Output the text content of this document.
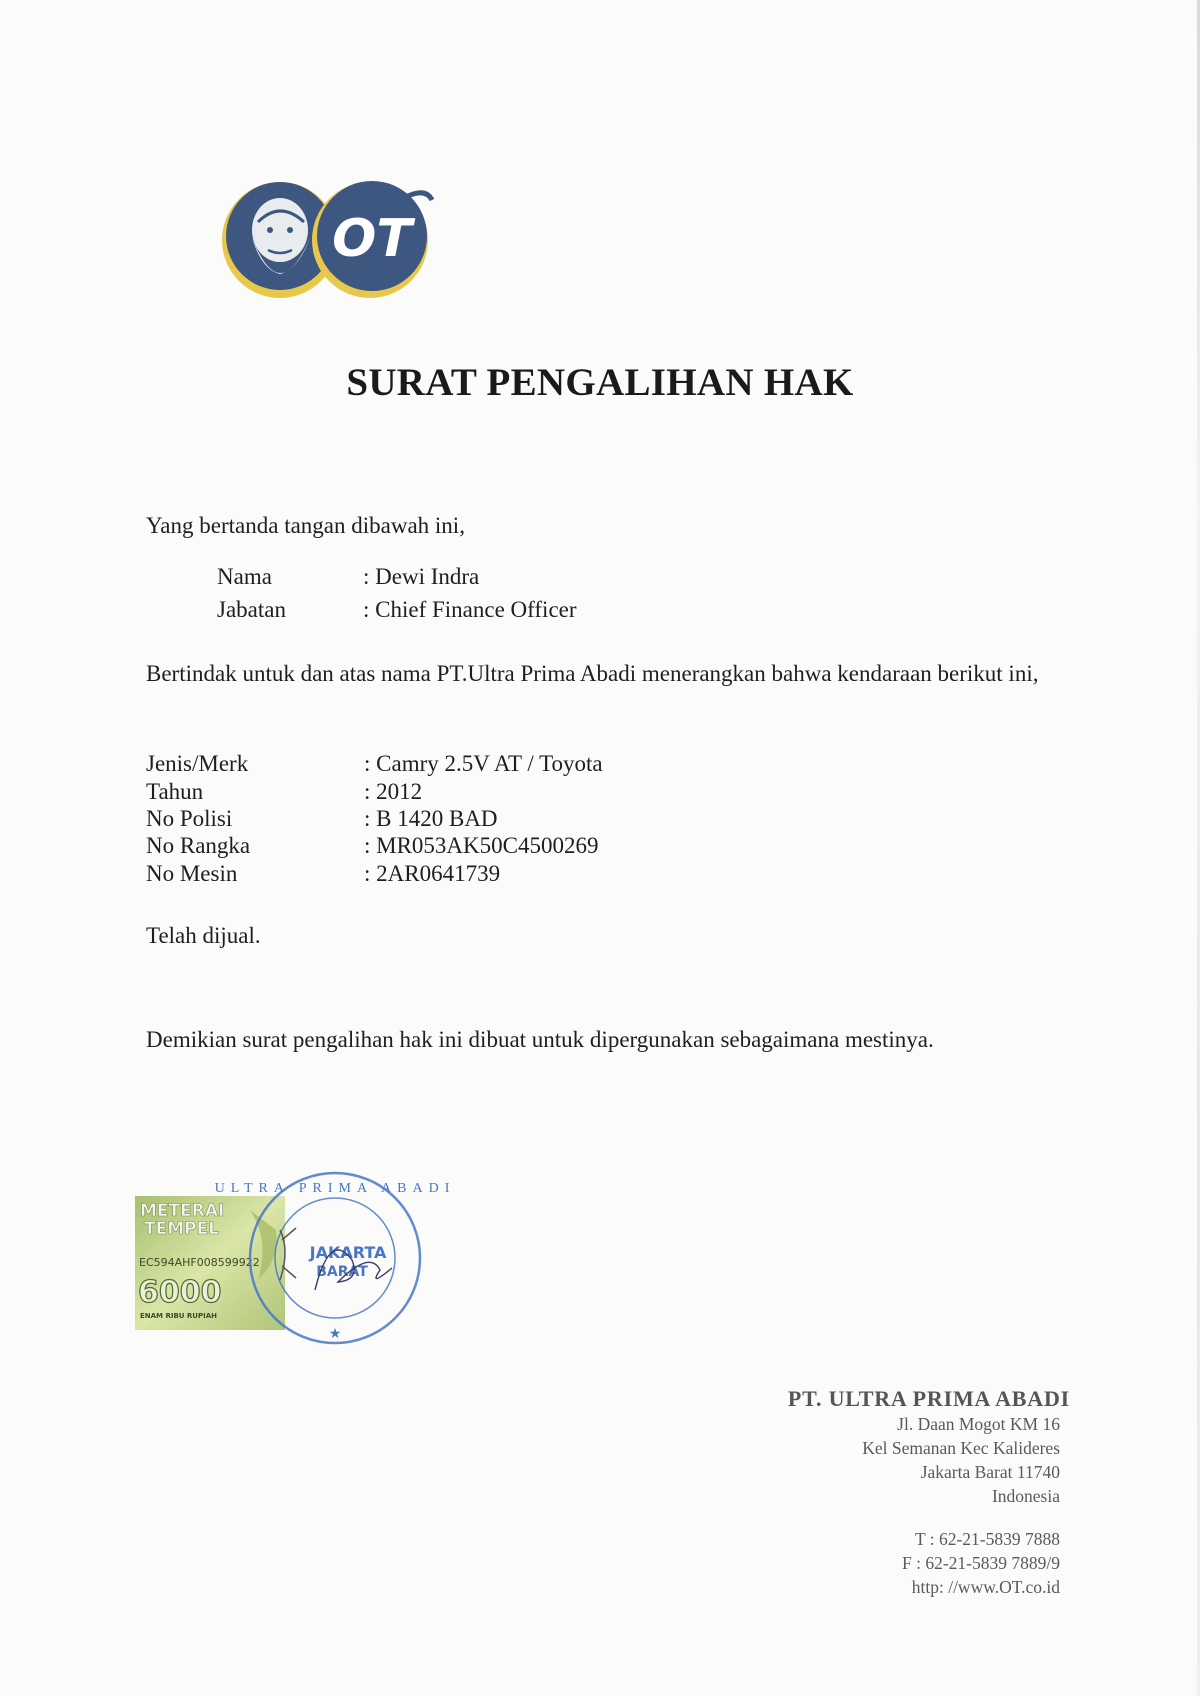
OT
SURAT PENGALIHAN HAK
Yang bertanda tangan dibawah ini,
Nama	: Dewi Indra
Jabatan	: Chief Finance Officer
Bertindak untuk dan atas nama PT.Ultra Prima Abadi menerangkan bahwa kendaraan berikut ini,
Jenis/Merk	: Camry 2.5V AT / Toyota
Tahun	: 2012
No Polisi	: B 1420 BAD
No Rangka	: MR053AK50C4500269
No Mesin	: 2AR0641739
Telah dijual.
Demikian surat pengalihan hak ini dibuat untuk dipergunakan sebagaimana mestinya.
METERAI
TEMPEL
EC594AHF008599922
6000
ENAM RIBU RUPIAH
ULTRA PRIMA ABADI
JAKARTA
BARAT
★
PT. ULTRA PRIMA ABADI
Jl. Daan Mogot KM 16
Kel Semanan Kec Kalideres
Jakarta Barat 11740
Indonesia
T : 62-21-5839 7888
F : 62-21-5839 7889/9
http: //www.OT.co.id
